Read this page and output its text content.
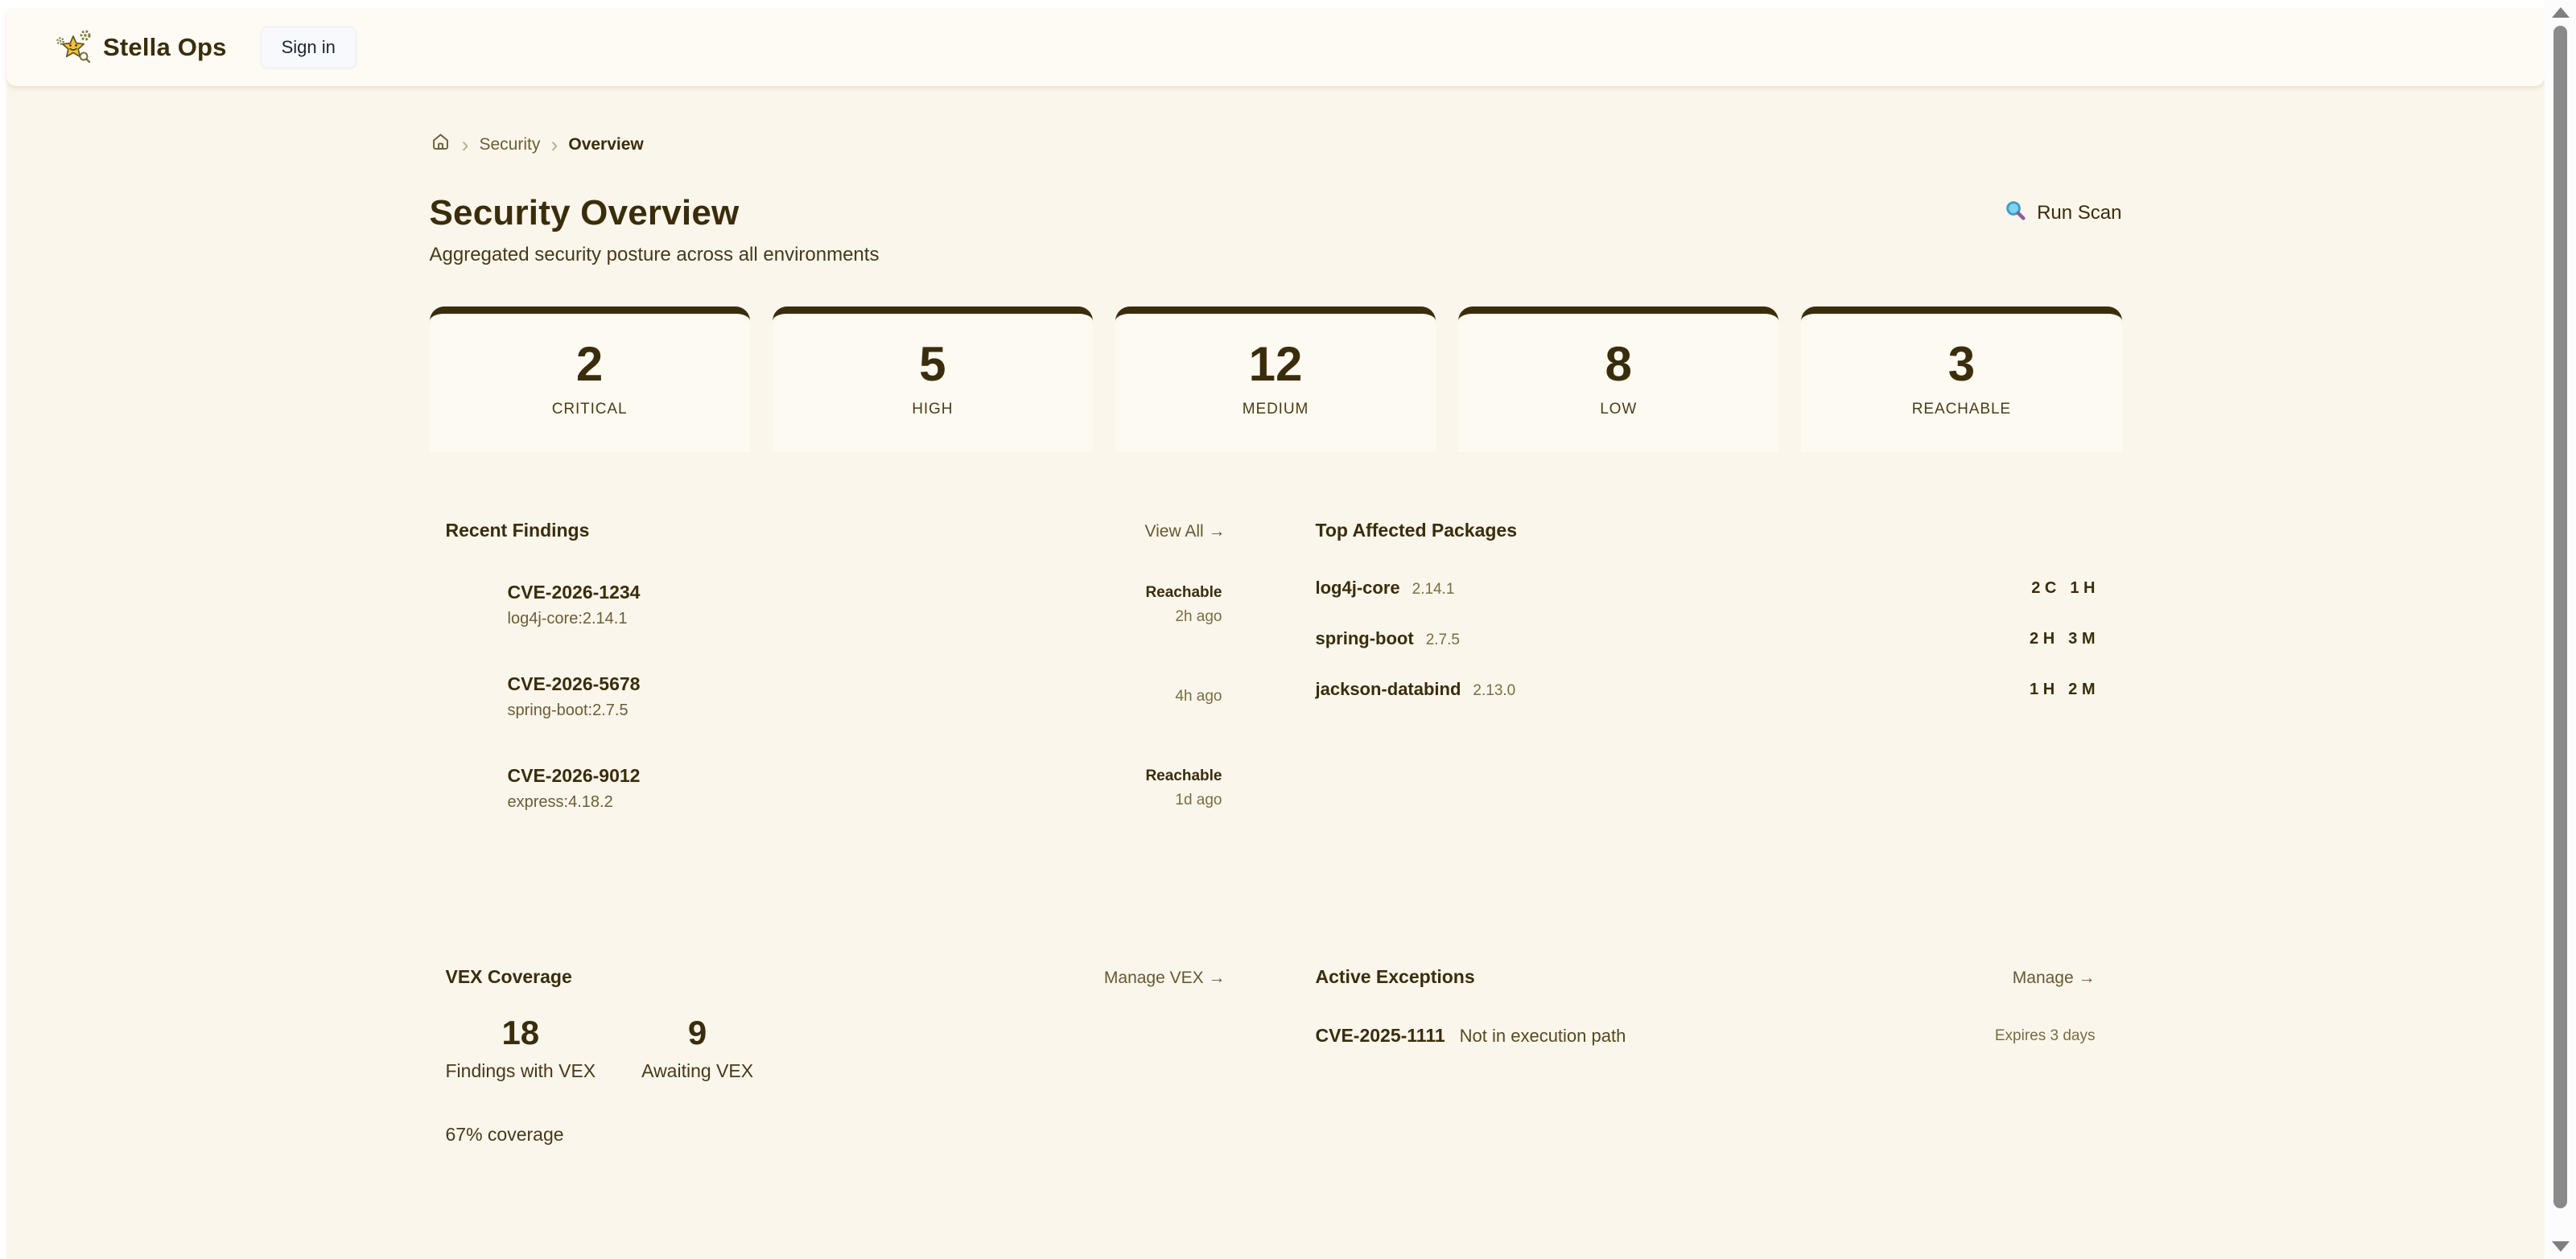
Stella Ops	Sign in
› Security › Overview
Security Overview	Run Scan
Aggregated security posture across all environments
2
CRITICAL
5
HIGH
12
MEDIUM
8
LOW
3
REACHABLE
Recent Findings	View All →
CVE-2026-1234
log4j-core:2.14.1
Reachable
2h ago
CVE-2026-5678
spring-boot:2.7.5
4h ago
CVE-2026-9012
express:4.18.2
Reachable
1d ago
Top Affected Packages
log4j-core 2.14.1	2 C 1 H
spring-boot 2.7.5	2 H 3 M
jackson-databind 2.13.0	1 H 2 M
VEX Coverage	Manage VEX →
18
Findings with VEX
9
Awaiting VEX
67% coverage
Active Exceptions	Manage →
CVE-2025-1111 Not in execution path	Expires 3 days
